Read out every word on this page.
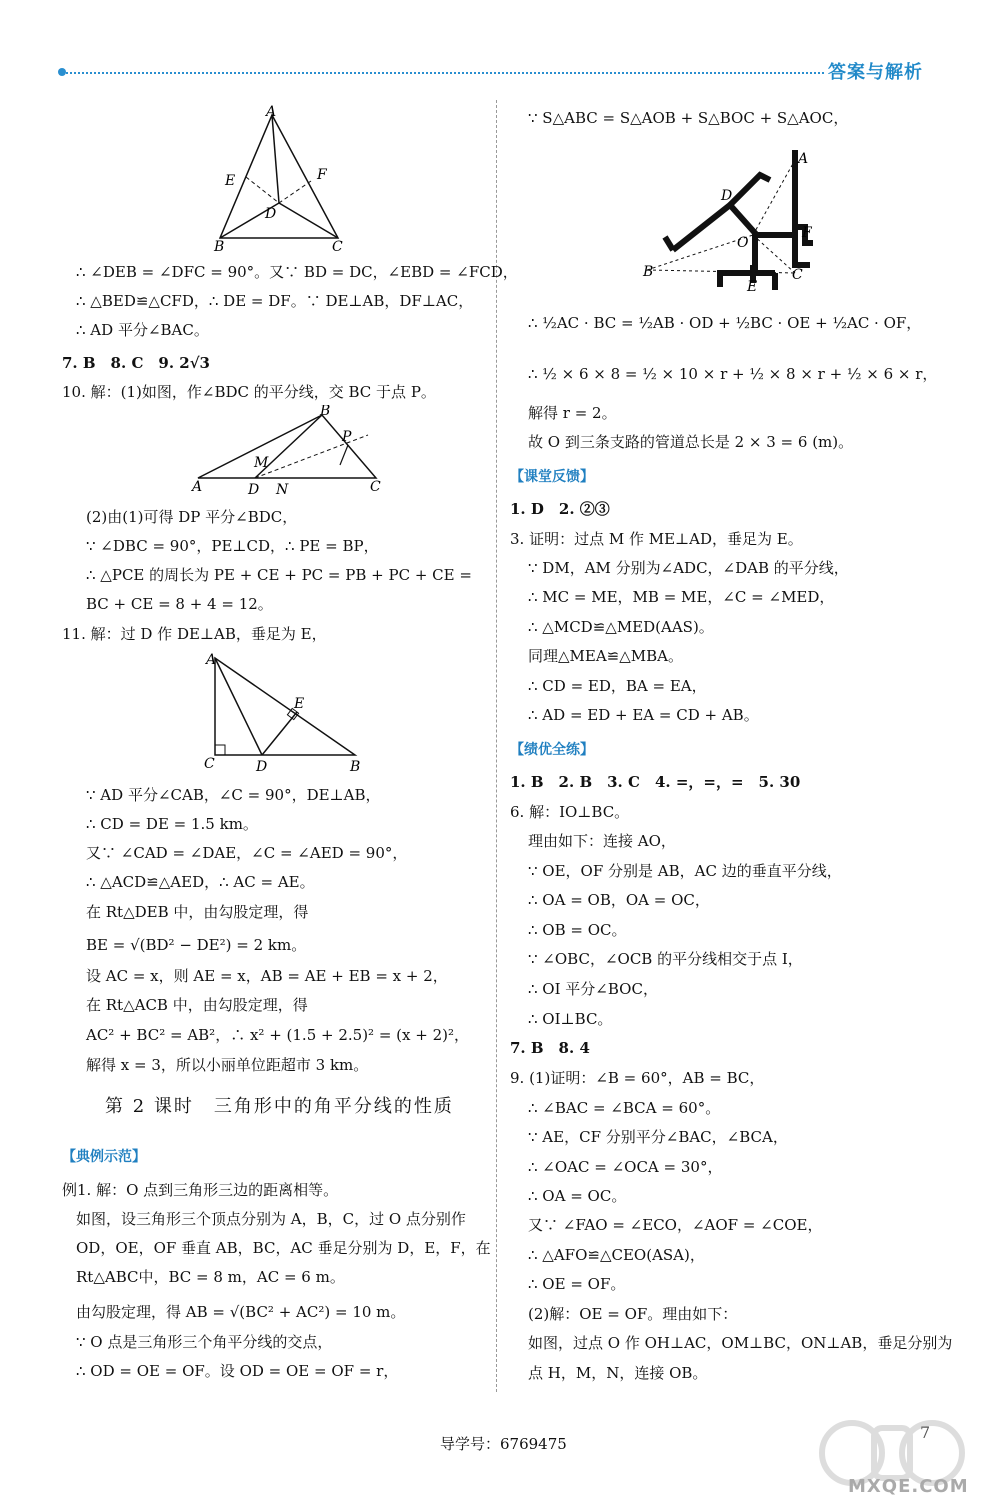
答案与解析
A
E	F
D
B	C
∴ ∠DEB = ∠DFC = 90°。又∵ BD = DC，∠EBD = ∠FCD，
∴ △BED≌△CFD，∴ DE = DF。∵ DE⊥AB，DF⊥AC，
∴ AD 平分∠BAC。
7. B　8. C　9. 2√3
10. 解：(1)如图，作∠BDC 的平分线，交 BC 于点 P。
B
P
M
A	D N	C
(2)由(1)可得 DP 平分∠BDC，
∵ ∠DBC = 90°，PE⊥CD，∴ PE = BP，
∴ △PCE 的周长为 PE + CE + PC = PB + PC + CE =
BC + CE = 8 + 4 = 12。
11. 解：过 D 作 DE⊥AB，垂足为 E，
A
E
C	D	B
∵ AD 平分∠CAB，∠C = 90°，DE⊥AB，
∴ CD = DE = 1.5 km。
又∵ ∠CAD = ∠DAE，∠C = ∠AED = 90°，
∴ △ACD≌△AED，∴ AC = AE。
在 Rt△DEB 中，由勾股定理，得
BE = √(BD² − DE²) = 2 km。
设 AC = x，则 AE = x，AB = AE + EB = x + 2，
在 Rt△ACB 中，由勾股定理，得
AC² + BC² = AB²，∴ x² + (1.5 + 2.5)² = (x + 2)²，
解得 x = 3，所以小丽单位距超市 3 km。
第 2 课时　三角形中的角平分线的性质
【典例示范】
例1. 解：O 点到三角形三边的距离相等。
如图，设三角形三个顶点分别为 A，B，C，过 O 点分别作
OD，OE，OF 垂直 AB，BC，AC 垂足分别为 D，E，F，在
Rt△ABC中，BC = 8 m，AC = 6 m。
由勾股定理，得 AB = √(BC² + AC²) = 10 m。
∵ O 点是三角形三个角平分线的交点，
∴ OD = OE = OF。设 OD = OE = OF = r，
∵ S△ABC = S△AOB + S△BOC + S△AOC，
A
D
F
O
B	C
E
∴ ½AC · BC = ½AB · OD + ½BC · OE + ½AC · OF，
∴ ½ × 6 × 8 = ½ × 10 × r + ½ × 8 × r + ½ × 6 × r，
解得 r = 2。
故 O 到三条支路的管道总长是 2 × 3 = 6 (m)。
【课堂反馈】
1. D　2. ②③
3. 证明：过点 M 作 ME⊥AD，垂足为 E。
∵ DM，AM 分别为∠ADC，∠DAB 的平分线，
∴ MC = ME，MB = ME，∠C = ∠MED，
∴ △MCD≌△MED(AAS)。
同理△MEA≌△MBA。
∴ CD = ED，BA = EA，
∴ AD = ED + EA = CD + AB。
【绩优全练】
1. B　2. B　3. C　4. =，=，=　5. 30
6. 解：IO⊥BC。
理由如下：连接 AO，
∵ OE，OF 分别是 AB，AC 边的垂直平分线，
∴ OA = OB，OA = OC，
∴ OB = OC。
∵ ∠OBC，∠OCB 的平分线相交于点 I，
∴ OI 平分∠BOC，
∴ OI⊥BC。
7. B　8. 4
9. (1)证明：∠B = 60°，AB = BC，
∴ ∠BAC = ∠BCA = 60°。
∵ AE，CF 分别平分∠BAC，∠BCA，
∴ ∠OAC = ∠OCA = 30°，
∴ OA = OC。
又∵ ∠FAO = ∠ECO，∠AOF = ∠COE，
∴ △AFO≌△CEO(ASA)，
∴ OE = OF。
(2)解：OE = OF。理由如下：
如图，过点 O 作 OH⊥AC，OM⊥BC，ON⊥AB，垂足分别为
点 H，M，N，连接 OB。
导学号：6769475
7
MXQE.COM
